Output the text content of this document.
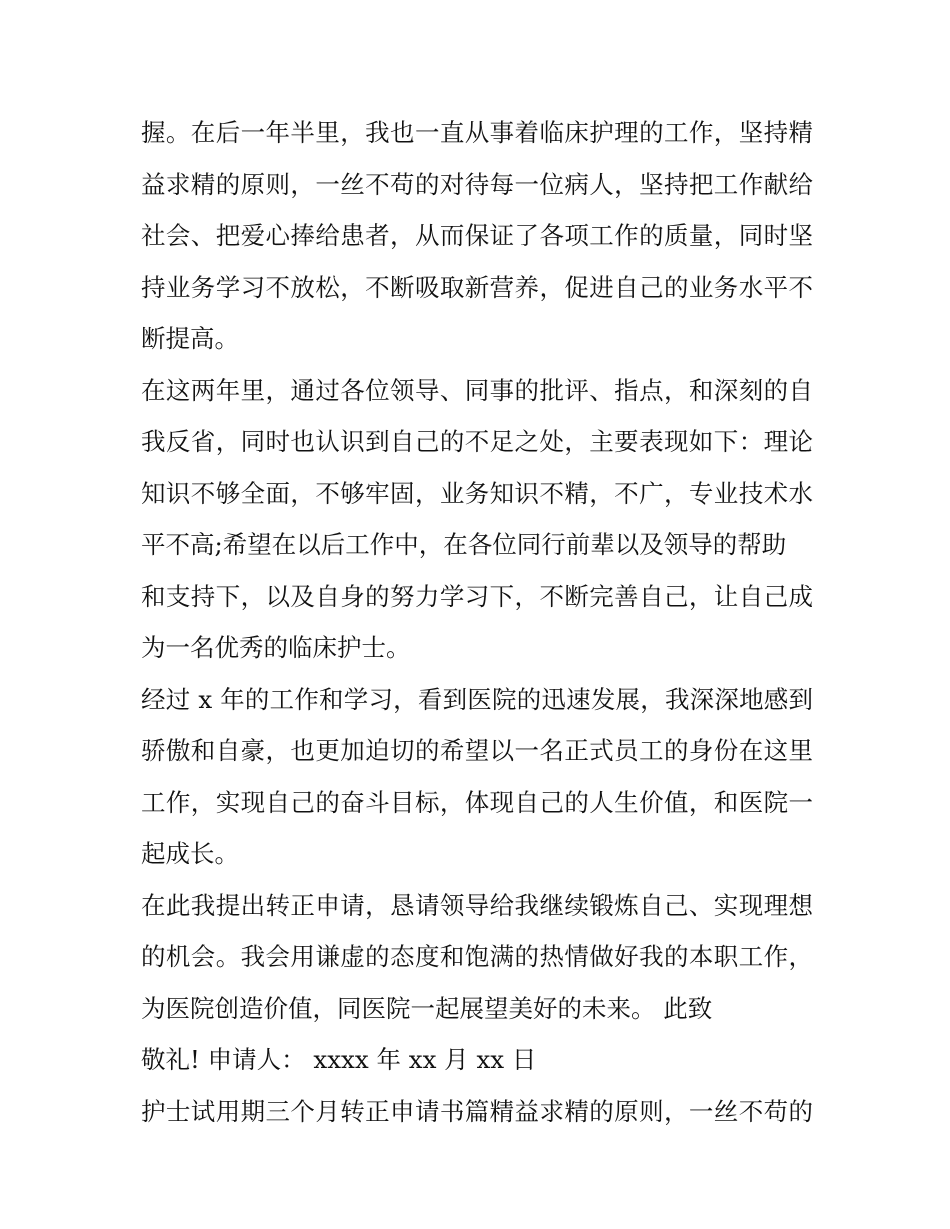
握。在后一年半里，我也一直从事着临床护理的工作，坚持精
益求精的原则，一丝不苟的对待每一位病人，坚持把工作献给
社会、把爱心捧给患者，从而保证了各项工作的质量，同时坚
持业务学习不放松，不断吸取新营养，促进自己的业务水平不
断提高。
在这两年里，通过各位领导、同事的批评、指点，和深刻的自
我反省，同时也认识到自己的不足之处，主要表现如下：理论
知识不够全面，不够牢固，业务知识不精，不广，专业技术水
平不高;希望在以后工作中，在各位同行前辈以及领导的帮助
和支持下，以及自身的努力学习下，不断完善自己，让自己成
为一名优秀的临床护士。
经过 x 年的工作和学习，看到医院的迅速发展，我深深地感到
骄傲和自豪，也更加迫切的希望以一名正式员工的身份在这里
工作，实现自己的奋斗目标，体现自己的人生价值，和医院一
起成长。
在此我提出转正申请，恳请领导给我继续锻炼自己、实现理想
的机会。我会用谦虚的态度和饱满的热情做好我的本职工作，
为医院创造价值，同医院一起展望美好的未来。 此致
敬礼! 申请人： xxxx 年 xx 月 xx 日
护士试用期三个月转正申请书篇精益求精的原则，一丝不苟的
